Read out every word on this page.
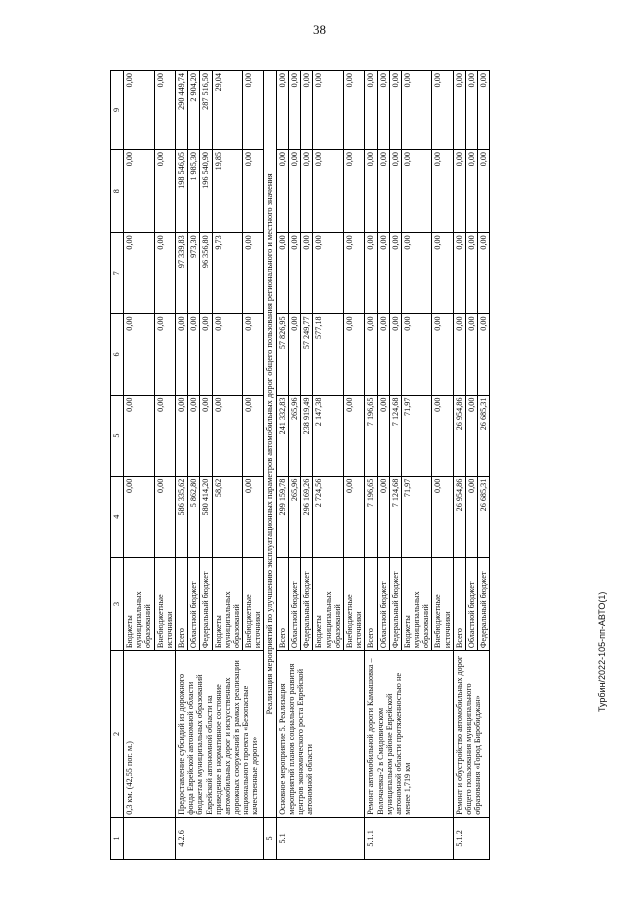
38
1	2	3	4	5	6	7	8	9
	0,3 км. (42,55 пог. м.)	Бюджеты муниципальных образований	0,00	0,00	0,00	0,00	0,00	0,00
		Внебюджетные источники	0,00	0,00	0,00	0,00	0,00	0,00
4.2.6	Предоставление субсидий из дорожного фонда Еврейской автономной области бюджетам муниципальных образований Еврейской автономной области на приведение в нормативное состояние автомобильных дорог и искусственных дорожных сооружений в рамках реализации национального проекта «Безопасные качественные дороги»	Всего	586 335,62	0,00	0,00	97 339,83	198 546,05	290 449,74
		Областной бюджет	5 862,80	0,00	0,00	973,30	1 985,30	2 904,20
		Федеральный бюджет	580 414,20	0,00	0,00	96 356,80	196 540,90	287 516,50
		Бюджеты муниципальных образований	58,62	0,00	0,00	9,73	19,85	29,04
		Внебюджетные источники	0,00	0,00	0,00	0,00	0,00	0,00
5	Реализация мероприятий по улучшению эксплуатационных параметров автомобильных дорог общего пользования регионального и местного значения							
5.1	Основное мероприятие 5. Реализация мероприятий планов социального развития центров экономического роста Еврейской автономной области	Всего	299 159,78	241 332,83	57 826,95	0,00	0,00	0,00
		Областной бюджет	265,96	265,96	0,00	0,00	0,00	0,00
		Федеральный бюджет	296 169,26	238 919,49	57 249,77	0,00	0,00	0,00
		Бюджеты муниципальных образований	2 724,56	2 147,38	577,18	0,00	0,00	0,00
		Внебюджетные источники	0,00	0,00	0,00	0,00	0,00	0,00
5.1.1	Ремонт автомобильной дороги Камышовка – Волочаевка-2 в Смидовичском муниципальном районе Еврейской автономной области протяженностью не менее 1,719 км	Всего	7 196,65	7 196,65	0,00	0,00	0,00	0,00
		Областной бюджет	0,00	0,00	0,00	0,00	0,00	0,00
		Федеральный бюджет	7 124,68	7 124,68	0,00	0,00	0,00	0,00
		Бюджеты муниципальных образований	71,97	71,97	0,00	0,00	0,00	0,00
		Внебюджетные источники	0,00	0,00	0,00	0,00	0,00	0,00
5.1.2	Ремонт и обустройство автомобильных дорог общего пользования муниципального образования «Город Биробиджан»	Всего	26 954,86	26 954,86	0,00	0,00	0,00	0,00
		Областной бюджет	0,00	0,00	0,00	0,00	0,00	0,00
		Федеральный бюджет	26 685,31	26 685,31	0,00	0,00	0,00	0,00
Турбин/2022-105-пп-АВТО(1)
